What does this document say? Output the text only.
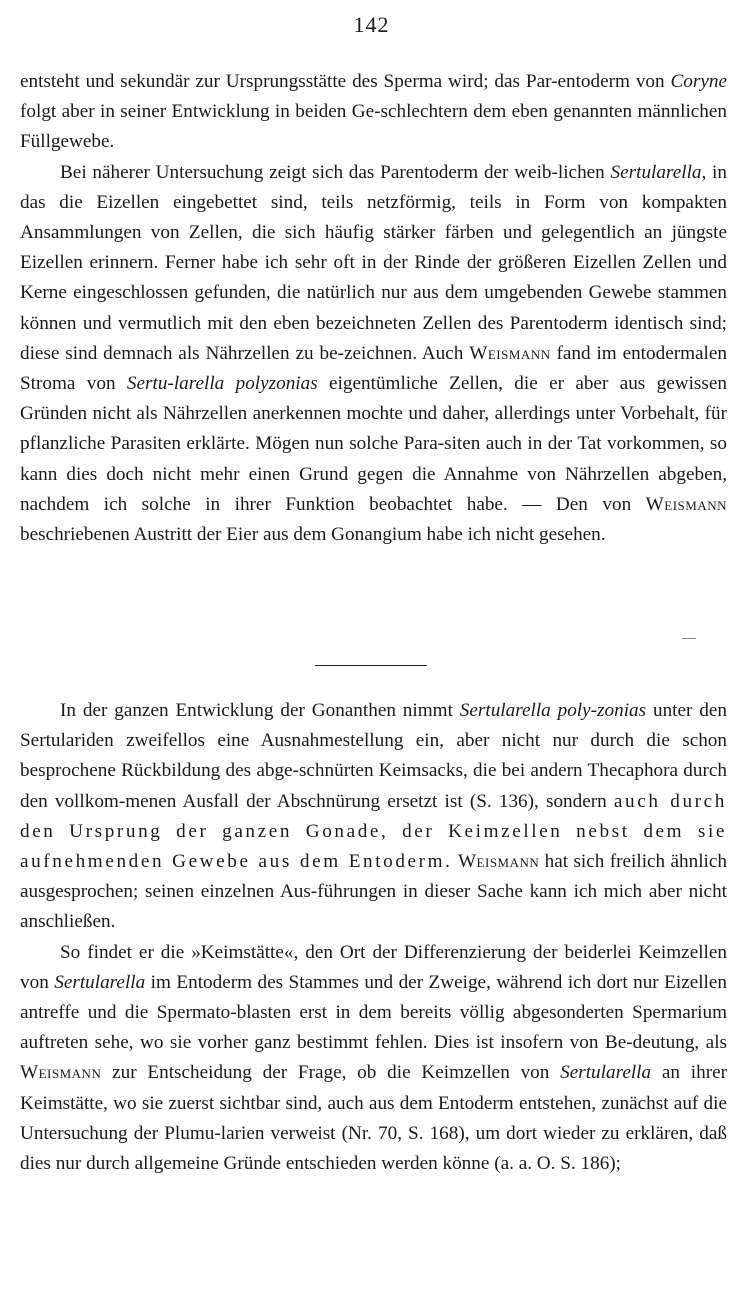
142

entsteht und sekundär zur Ursprungsstätte des Sperma wird; das Par-entoderm von Coryne folgt aber in seiner Entwicklung in beiden Ge-schlechtern dem eben genannten männlichen Füllgewebe.

Bei näherer Untersuchung zeigt sich das Parentoderm der weib-lichen Sertularella, in das die Eizellen eingebettet sind, teils netzförmig, teils in Form von kompakten Ansammlungen von Zellen, die sich häufig stärker färben und gelegentlich an jüngste Eizellen erinnern. Ferner habe ich sehr oft in der Rinde der größeren Eizellen Zellen und Kerne eingeschlossen gefunden, die natürlich nur aus dem umgebenden Gewebe stammen können und vermutlich mit den eben bezeichneten Zellen des Parentoderm identisch sind; diese sind demnach als Nährzellen zu be-zeichnen. Auch Weismann fand im entodermalen Stroma von Sertu-larella polyzonias eigentümliche Zellen, die er aber aus gewissen Gründen nicht als Nährzellen anerkennen mochte und daher, allerdings unter Vorbehalt, für pflanzliche Parasiten erklärte. Mögen nun solche Para-siten auch in der Tat vorkommen, so kann dies doch nicht mehr einen Grund gegen die Annahme von Nährzellen abgeben, nachdem ich solche in ihrer Funktion beobachtet habe. — Den von Weismann beschriebenen Austritt der Eier aus dem Gonangium habe ich nicht gesehen.

In der ganzen Entwicklung der Gonanthen nimmt Sertularella poly-zonias unter den Sertulariden zweifellos eine Ausnahmestellung ein, aber nicht nur durch die schon besprochene Rückbildung des abge-schnürten Keimsacks, die bei andern Thecaphora durch den vollkom-menen Ausfall der Abschnürung ersetzt ist (S. 136), sondern auch durch den Ursprung der ganzen Gonade, der Keimzellen nebst dem sie aufnehmenden Gewebe aus dem Entoderm. Weismann hat sich freilich ähnlich ausgesprochen; seinen einzelnen Aus-führungen in dieser Sache kann ich mich aber nicht anschließen.

So findet er die »Keimstätte«, den Ort der Differenzierung der beiderlei Keimzellen von Sertularella im Entoderm des Stammes und der Zweige, während ich dort nur Eizellen antreffe und die Spermato-blasten erst in dem bereits völlig abgesonderten Spermarium auftreten sehe, wo sie vorher ganz bestimmt fehlen. Dies ist insofern von Be-deutung, als Weismann zur Entscheidung der Frage, ob die Keimzellen von Sertularella an ihrer Keimstätte, wo sie zuerst sichtbar sind, auch aus dem Entoderm entstehen, zunächst auf die Untersuchung der Plumu-larien verweist (Nr. 70, S. 168), um dort wieder zu erklären, daß dies nur durch allgemeine Gründe entschieden werden könne (a. a. O. S. 186);
